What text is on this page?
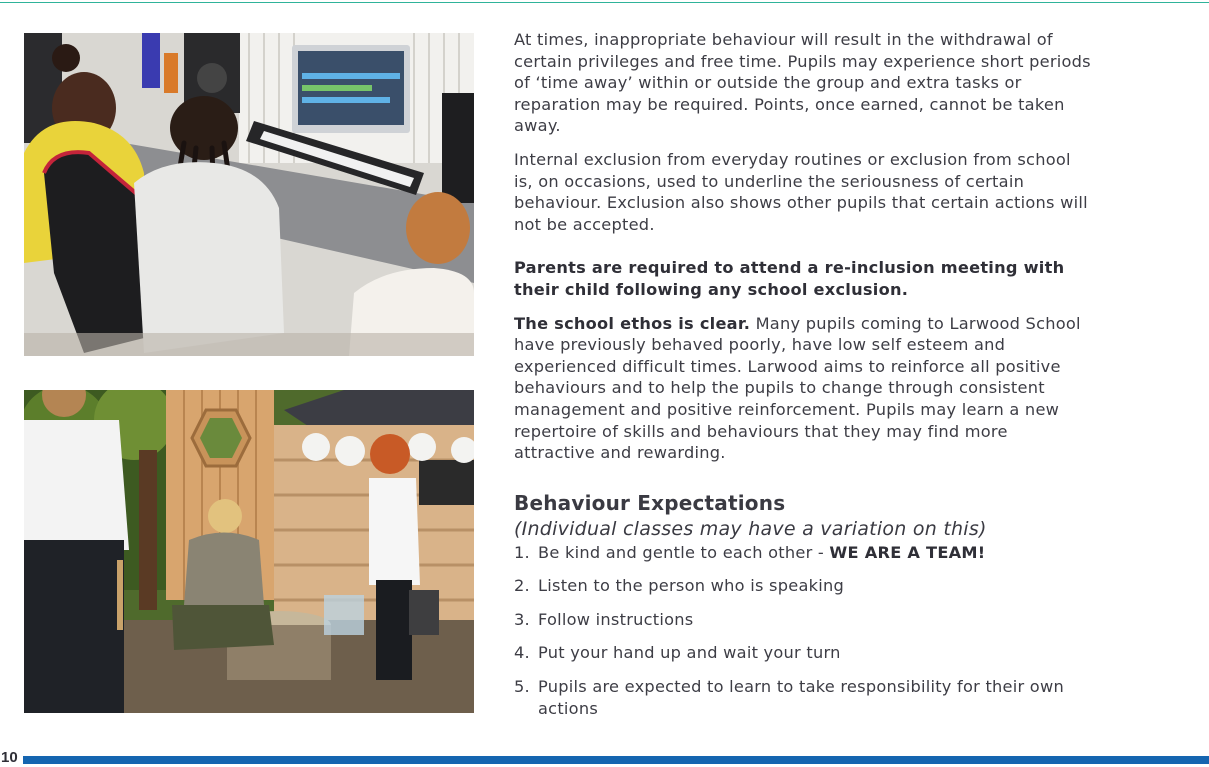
At times, inappropriate behaviour will result in the withdrawal of certain privileges and free time. Pupils may experience short periods of ‘time away’ within or outside the group and extra tasks or reparation may be required. Points, once earned, cannot be taken away.

Internal exclusion from everyday routines or exclusion from school is, on occasions, used to underline the seriousness of certain behaviour. Exclusion also shows other pupils that certain actions will not be accepted.

Parents are required to attend a re-inclusion meeting with their child following any school exclusion.

The school ethos is clear. Many pupils coming to Larwood School have previously behaved poorly, have low self esteem and experienced difficult times. Larwood aims to reinforce all positive behaviours and to help the pupils to change through consistent management and positive reinforcement. Pupils may learn a new repertoire of skills and behaviours that they may find more attractive and rewarding.

Behaviour Expectations

(Individual classes may have a variation on this)

1. Be kind and gentle to each other - WE ARE A TEAM!
2. Listen to the person who is speaking
3. Follow instructions
4. Put your hand up and wait your turn
5. Pupils are expected to learn to take responsibility for their own actions
10
